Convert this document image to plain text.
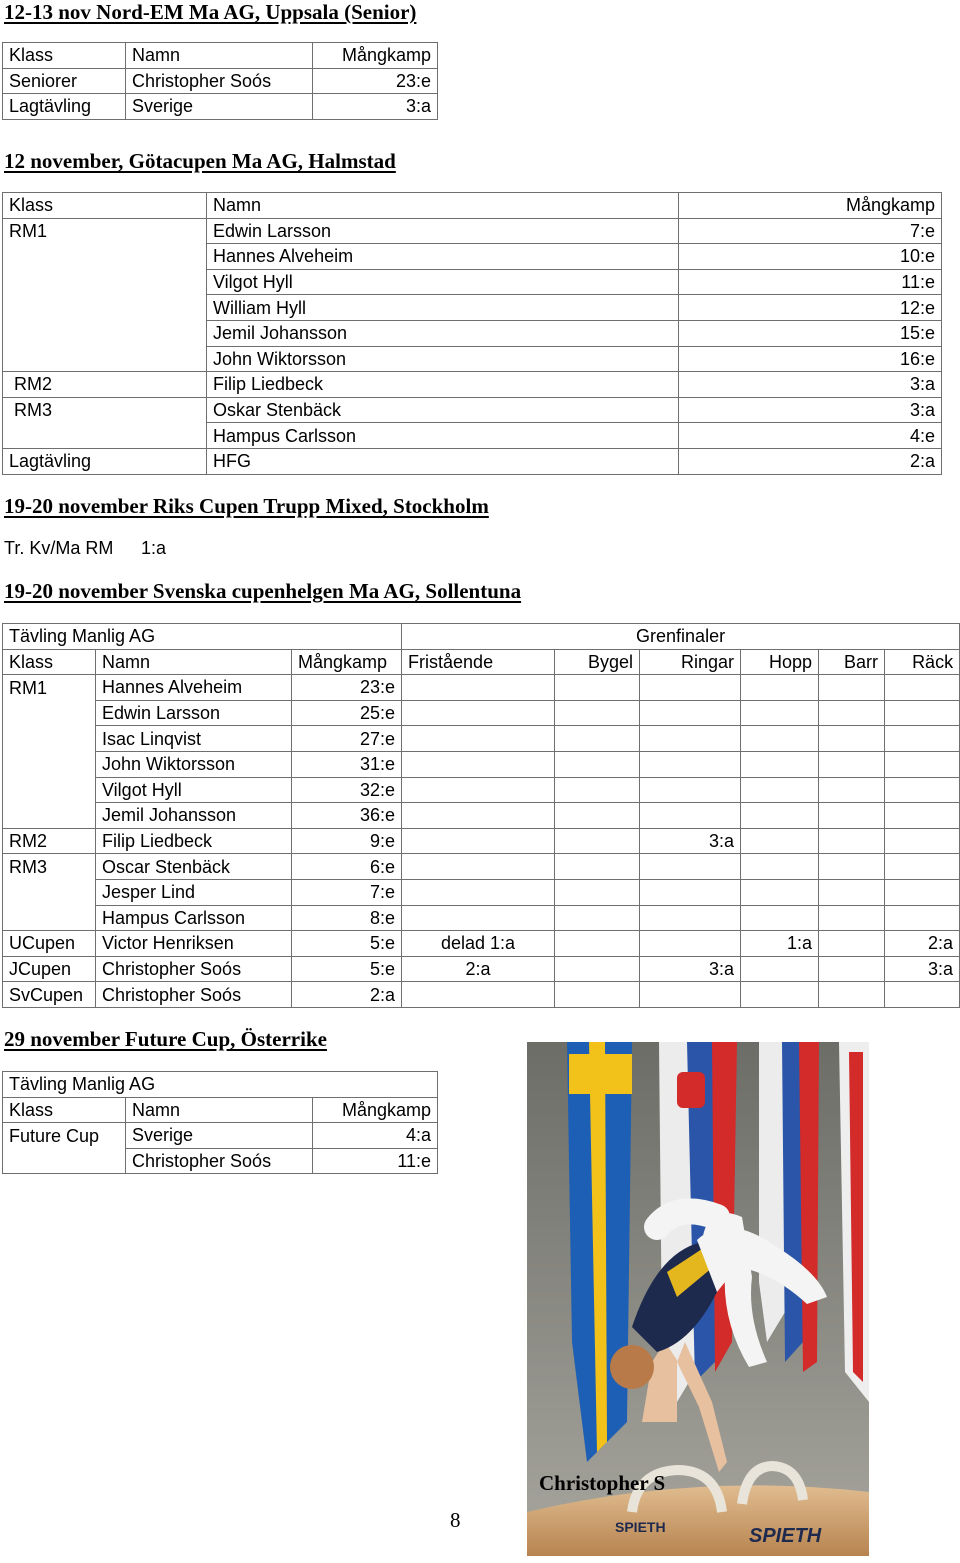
12-13 nov Nord-EM Ma AG, Uppsala (Senior)
Klass	Namn	Mångkamp
Seniorer	Christopher Soós	23:e
Lagtävling	Sverige	3:a
12 november, Götacupen Ma AG, Halmstad
Klass	Namn	Mångkamp
RM1	Edwin Larsson	7:e
	Hannes Alveheim	10:e
	Vilgot Hyll	11:e
	William Hyll	12:e
	Jemil Johansson	15:e
	John Wiktorsson	16:e
RM2	Filip Liedbeck	3:a
RM3	Oskar Stenbäck	3:a
	Hampus Carlsson	4:e
Lagtävling	HFG	2:a
19-20 november Riks Cupen Trupp Mixed, Stockholm
Tr. Kv/Ma RM 1:a
19-20 november Svenska cupenhelgen Ma AG, Sollentuna
Tävling Manlig AG			Grenfinaler					
Klass	Namn	Mångkamp	Fristående	Bygel	Ringar	Hopp	Barr	Räck
RM1	Hannes Alveheim	23:e						
	Edwin Larsson	25:e						
	Isac Linqvist	27:e						
	John Wiktorsson	31:e						
	Vilgot Hyll	32:e						
	Jemil Johansson	36:e						
RM2	Filip Liedbeck	9:e			3:a			
RM3	Oscar Stenbäck	6:e						
	Jesper Lind	7:e						
	Hampus Carlsson	8:e						
UCupen	Victor Henriksen	5:e	delad 1:a			1:a		2:a
JCupen	Christopher Soós	5:e	2:a		3:a			3:a
SvCupen	Christopher Soós	2:a						
29 november Future Cup, Österrike
Tävling Manlig AG		
Klass	Namn	Mångkamp
Future Cup	Sverige	4:a
	Christopher Soós	11:e
SPIETH	SPIETH
Christopher S
8
